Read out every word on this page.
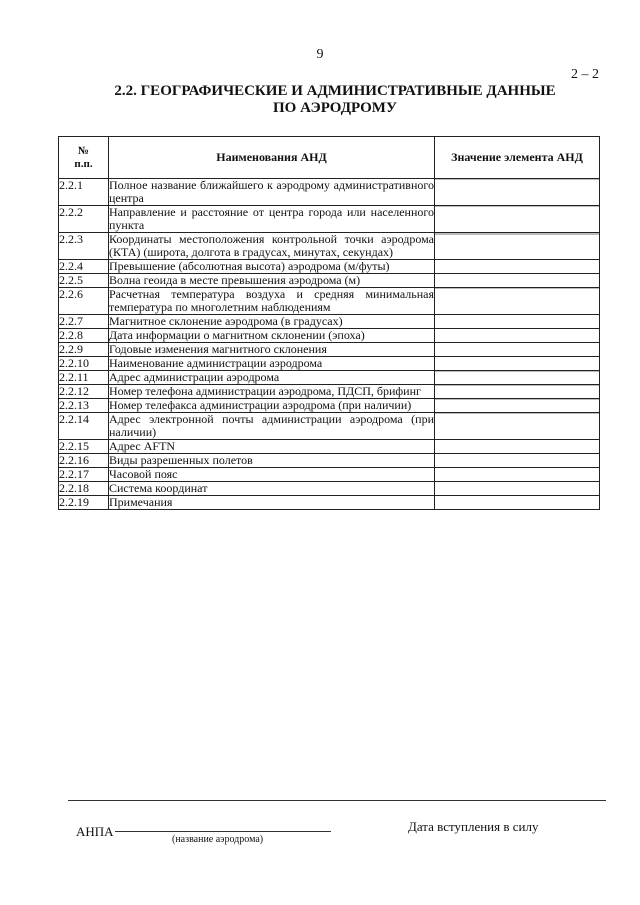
9
2 – 2
2.2. ГЕОГРАФИЧЕСКИЕ И АДМИНИСТРАТИВНЫЕ ДАННЫЕ
ПО АЭРОДРОМУ
№
п.п.	Наименования АНД	Значение элемента АНД
2.2.1	Полное название ближайшего к аэродрому административного центра	

2.2.2	Направление и расстояние от центра города или населенного пункта	

2.2.3	Координаты местоположения контрольной точки аэродрома (КТА) (широта, долгота в градусах, минутах, секундах)	

2.2.4	Превышение (абсолютная высота) аэродрома (м/футы)	

2.2.5	Волна геоида в месте превышения аэродрома (м)	

2.2.6	Расчетная температура воздуха и средняя минимальная температура по многолетним наблюдениям	

2.2.7	Магнитное склонение аэродрома (в градусах)	

2.2.8	Дата информации о магнитном склонении (эпоха)	

2.2.9	Годовые изменения магнитного склонения	

2.2.10	Наименование администрации аэродрома	

2.2.11	Адрес администрации аэродрома	

2.2.12	Номер телефона администрации аэродрома, ПДСП, брифинг	

2.2.13	Номер телефакса администрации аэродрома (при наличии)	

2.2.14	Адрес электронной почты администрации аэродрома (при наличии)	

2.2.15	Адрес AFTN	

2.2.16	Виды разрешенных полетов	

2.2.17	Часовой пояс	

2.2.18	Система координат	

2.2.19	Примечания	
АНПА
(название аэродрома)
Дата вступления в силу
